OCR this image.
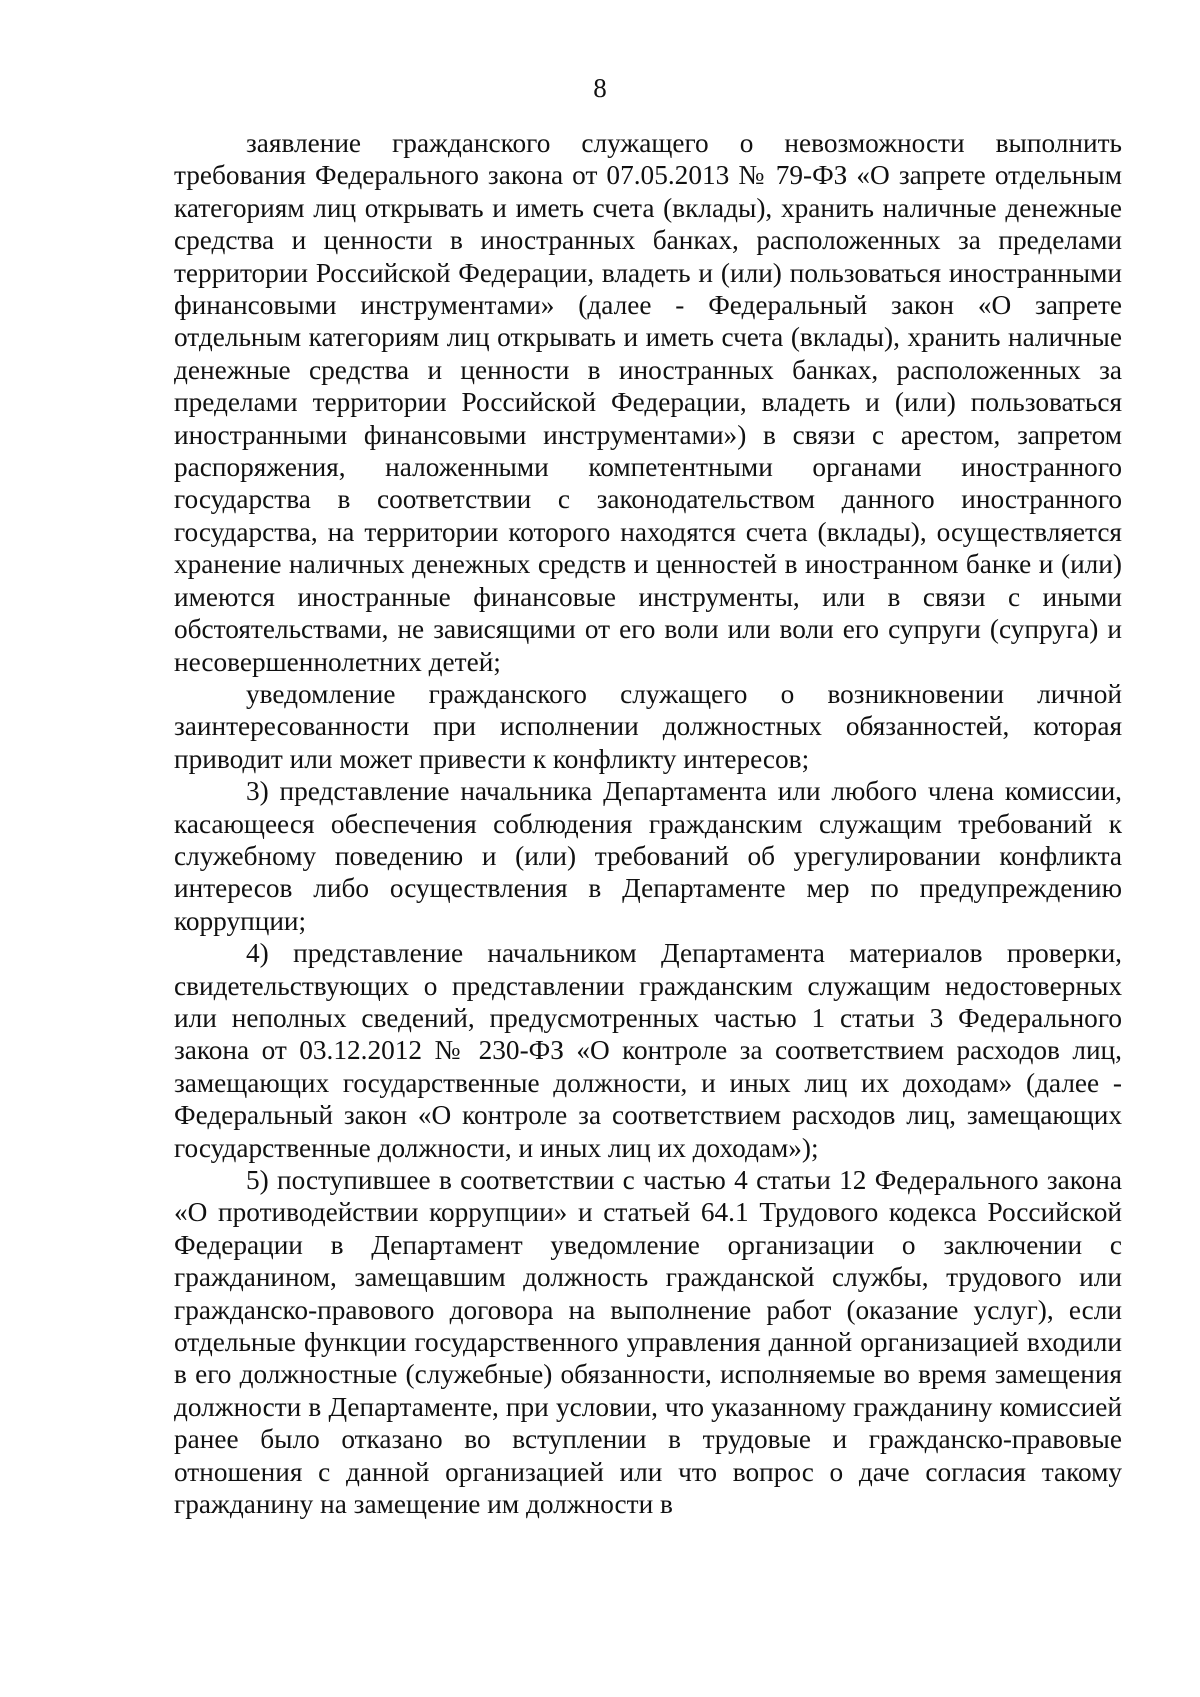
8

заявление гражданского служащего о невозможности выполнить требования Федерального закона от 07.05.2013 № 79-ФЗ «О запрете отдельным категориям лиц открывать и иметь счета (вклады), хранить наличные денежные средства и ценности в иностранных банках, расположенных за пределами территории Российской Федерации, владеть и (или) пользоваться иностранными финансовыми инструментами» (далее - Федеральный закон «О запрете отдельным категориям лиц открывать и иметь счета (вклады), хранить наличные денежные средства и ценности в иностранных банках, расположенных за пределами территории Российской Федерации, владеть и (или) пользоваться иностранными финансовыми инструментами») в связи с арестом, запретом распоряжения, наложенными компетентными органами иностранного государства в соответствии с законодательством данного иностранного государства, на территории которого находятся счета (вклады), осуществляется хранение наличных денежных средств и ценностей в иностранном банке и (или) имеются иностранные финансовые инструменты, или в связи с иными обстоятельствами, не зависящими от его воли или воли его супруги (супруга) и несовершеннолетних детей;

уведомление гражданского служащего о возникновении личной заинтересованности при исполнении должностных обязанностей, которая приводит или может привести к конфликту интересов;

3) представление начальника Департамента или любого члена комиссии, касающееся обеспечения соблюдения гражданским служащим требований к служебному поведению и (или) требований об урегулировании конфликта интересов либо осуществления в Департаменте мер по предупреждению коррупции;

4) представление начальником Департамента материалов проверки, свидетельствующих о представлении гражданским служащим недостоверных или неполных сведений, предусмотренных частью 1 статьи 3 Федерального закона от 03.12.2012 № 230-ФЗ «О контроле за соответствием расходов лиц, замещающих государственные должности, и иных лиц их доходам» (далее - Федеральный закон «О контроле за соответствием расходов лиц, замещающих государственные должности, и иных лиц их доходам»);

5) поступившее в соответствии с частью 4 статьи 12 Федерального закона «О противодействии коррупции» и статьей 64.1 Трудового кодекса Российской Федерации в Департамент уведомление организации о заключении с гражданином, замещавшим должность гражданской службы, трудового или гражданско-правового договора на выполнение работ (оказание услуг), если отдельные функции государственного управления данной организацией входили в его должностные (служебные) обязанности, исполняемые во время замещения должности в Департаменте, при условии, что указанному гражданину комиссией ранее было отказано во вступлении в трудовые и гражданско-правовые отношения с данной организацией или что вопрос о даче согласия такому гражданину на замещение им должности в
